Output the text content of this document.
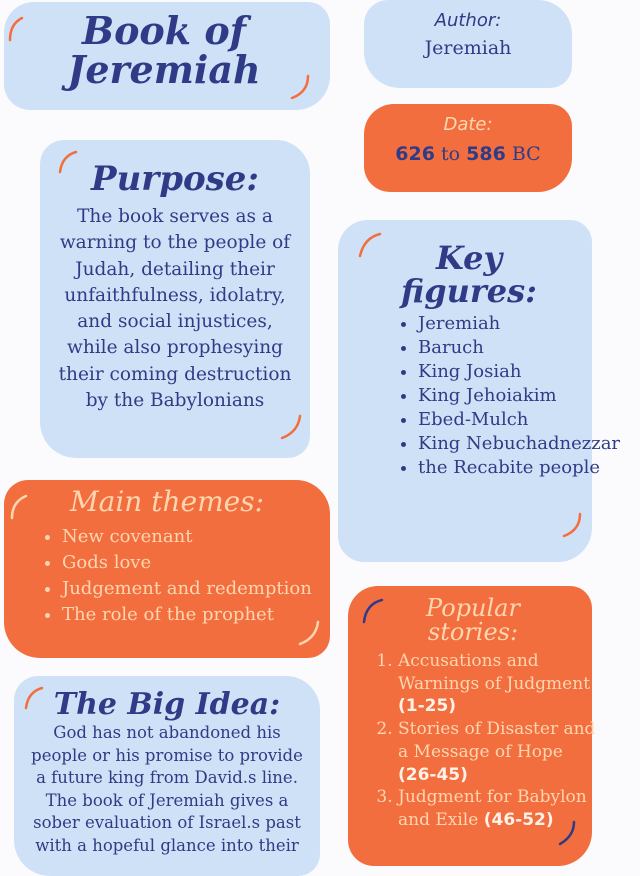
Book of Jeremiah
Author:
Jeremiah
Date:
626 to 586 BC
Purpose:
The book serves as a warning to the people of Judah, detailing their unfaithfulness, idolatry, and social injustices, while also prophesying their coming destruction by the Babylonians
Key figures:
• Jeremiah
• Baruch
• King Josiah
• King Jehoiakim
• Ebed-Mulch
• King Nebuchadnezzar
• the Recabite people
Main themes:
• New covenant
• Gods love
• Judgement and redemption
• The role of the prophet	Popular stories:
1. Accusations and Warnings of Judgment (1-25)
2. Stories of Disaster and a Message of Hope (26-45)
3. Judgment for Babylon and Exile (46-52)
The Big Idea:
God has not abandoned his people or his promise to provide a future king from David.s line. The book of Jeremiah gives a sober evaluation of Israel.s past with a hopeful glance into their
